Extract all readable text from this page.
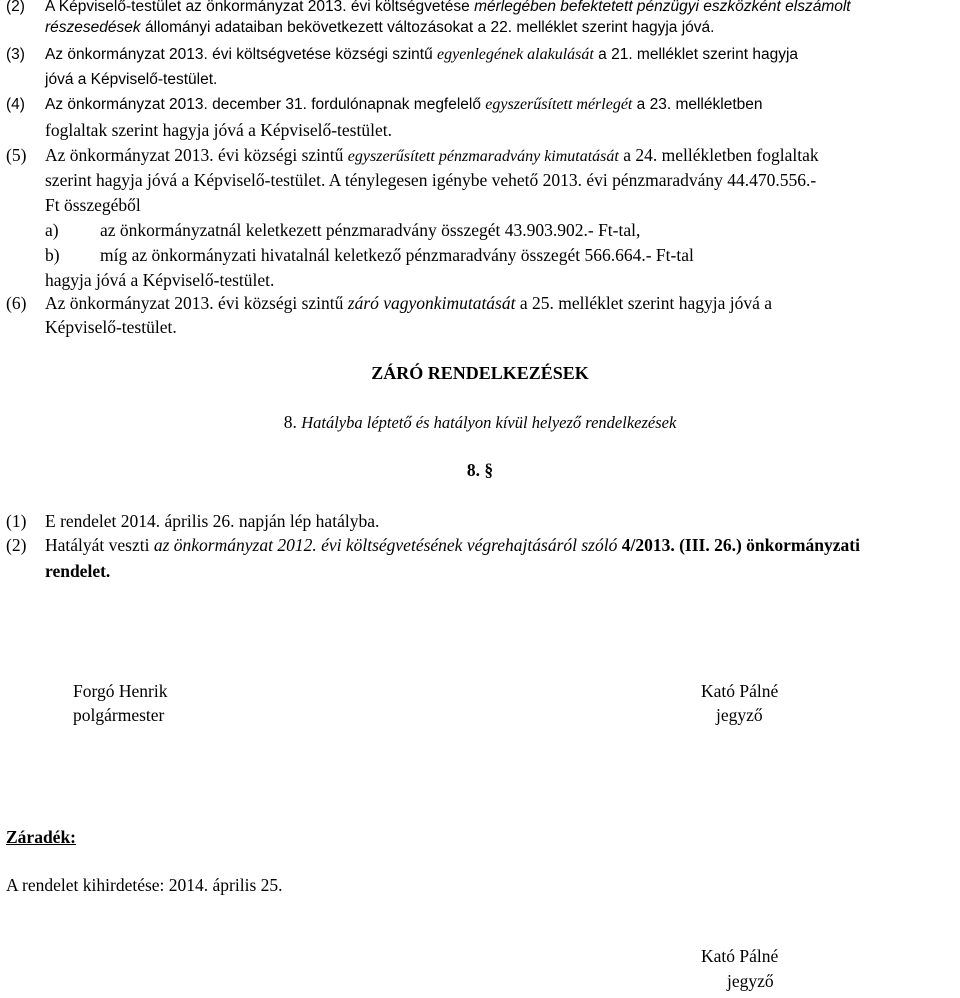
(2) A Képviselő-testület az önkormányzat 2013. évi költségvetése mérlegében befektetett pénzügyi eszközként elszámolt
részesedések állományi adataiban bekövetkezett változásokat a 22. melléklet szerint hagyja jóvá.
(3) Az önkormányzat 2013. évi költségvetése községi szintű egyenlegének alakulását a 21. melléklet szerint hagyja
jóvá a Képviselő-testület.
(4) Az önkormányzat 2013. december 31. fordulónapnak megfelelő egyszerűsített mérlegét a 23. mellékletben
foglaltak szerint hagyja jóvá a Képviselő-testület.
(5) Az önkormányzat 2013. évi községi szintű egyszerűsített pénzmaradvány kimutatását a 24. mellékletben foglaltak
szerint hagyja jóvá a Képviselő-testület. A ténylegesen igénybe vehető 2013. évi pénzmaradvány 44.470.556.-
Ft összegéből
a) az önkormányzatnál keletkezett pénzmaradvány összegét 43.903.902.- Ft-tal,
b) míg az önkormányzati hivatalnál keletkező pénzmaradvány összegét 566.664.- Ft-tal
hagyja jóvá a Képviselő-testület.
(6) Az önkormányzat 2013. évi községi szintű záró vagyonkimutatását a 25. melléklet szerint hagyja jóvá a
Képviselő-testület.
ZÁRÓ RENDELKEZÉSEK
8. Hatályba léptető és hatályon kívül helyező rendelkezések
8. §
(1) E rendelet 2014. április 26. napján lép hatályba.
(2) Hatályát veszti az önkormányzat 2012. évi költségvetésének végrehajtásáról szóló 4/2013. (III. 26.) önkormányzati
rendelet.
Forgó Henrik
polgármester
Kató Pálné
jegyző
Záradék:
A rendelet kihirdetése: 2014. április 25.
Kató Pálné
jegyző
